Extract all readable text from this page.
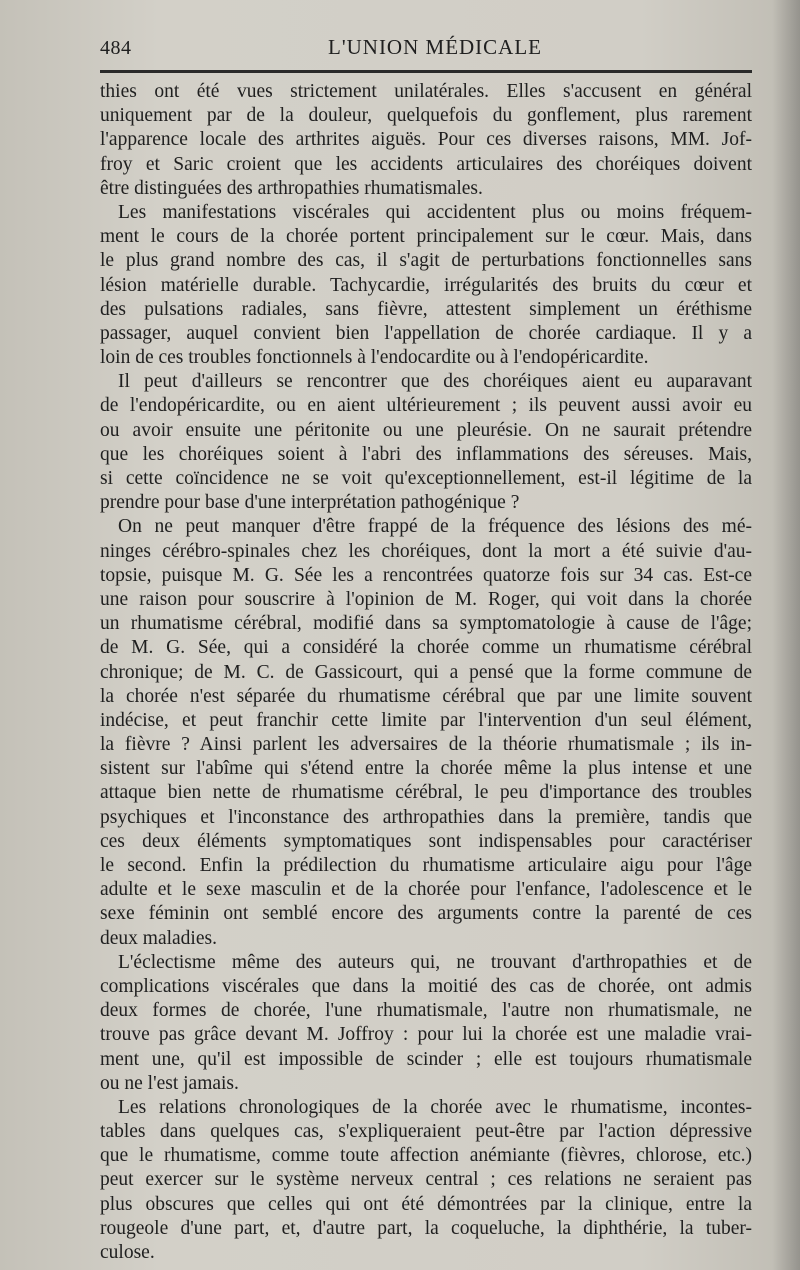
484	L'UNION MÉDICALE
thies ont été vues strictement unilatérales. Elles s'accusent en général
uniquement par de la douleur, quelquefois du gonflement, plus rarement
l'apparence locale des arthrites aiguës. Pour ces diverses raisons, MM. Jof-
froy et Saric croient que les accidents articulaires des choréiques doivent
être distinguées des arthropathies rhumatismales.
Les manifestations viscérales qui accidentent plus ou moins fréquem-
ment le cours de la chorée portent principalement sur le cœur. Mais, dans
le plus grand nombre des cas, il s'agit de perturbations fonctionnelles sans
lésion matérielle durable. Tachycardie, irrégularités des bruits du cœur et
des pulsations radiales, sans fièvre, attestent simplement un éréthisme
passager, auquel convient bien l'appellation de chorée cardiaque. Il y a
loin de ces troubles fonctionnels à l'endocardite ou à l'endopéricardite.
Il peut d'ailleurs se rencontrer que des choréiques aient eu auparavant
de l'endopéricardite, ou en aient ultérieurement ; ils peuvent aussi avoir eu
ou avoir ensuite une péritonite ou une pleurésie. On ne saurait prétendre
que les choréiques soient à l'abri des inflammations des séreuses. Mais,
si cette coïncidence ne se voit qu'exceptionnellement, est-il légitime de la
prendre pour base d'une interprétation pathogénique ?
On ne peut manquer d'être frappé de la fréquence des lésions des mé-
ninges cérébro-spinales chez les choréiques, dont la mort a été suivie d'au-
topsie, puisque M. G. Sée les a rencontrées quatorze fois sur 34 cas. Est-ce
une raison pour souscrire à l'opinion de M. Roger, qui voit dans la chorée
un rhumatisme cérébral, modifié dans sa symptomatologie à cause de l'âge;
de M. G. Sée, qui a considéré la chorée comme un rhumatisme cérébral
chronique; de M. C. de Gassicourt, qui a pensé que la forme commune de
la chorée n'est séparée du rhumatisme cérébral que par une limite souvent
indécise, et peut franchir cette limite par l'intervention d'un seul élément,
la fièvre ? Ainsi parlent les adversaires de la théorie rhumatismale ; ils in-
sistent sur l'abîme qui s'étend entre la chorée même la plus intense et une
attaque bien nette de rhumatisme cérébral, le peu d'importance des troubles
psychiques et l'inconstance des arthropathies dans la première, tandis que
ces deux éléments symptomatiques sont indispensables pour caractériser
le second. Enfin la prédilection du rhumatisme articulaire aigu pour l'âge
adulte et le sexe masculin et de la chorée pour l'enfance, l'adolescence et le
sexe féminin ont semblé encore des arguments contre la parenté de ces
deux maladies.
L'éclectisme même des auteurs qui, ne trouvant d'arthropathies et de
complications viscérales que dans la moitié des cas de chorée, ont admis
deux formes de chorée, l'une rhumatismale, l'autre non rhumatismale, ne
trouve pas grâce devant M. Joffroy : pour lui la chorée est une maladie vrai-
ment une, qu'il est impossible de scinder ; elle est toujours rhumatismale
ou ne l'est jamais.
Les relations chronologiques de la chorée avec le rhumatisme, incontes-
tables dans quelques cas, s'expliqueraient peut-être par l'action dépressive
que le rhumatisme, comme toute affection anémiante (fièvres, chlorose, etc.)
peut exercer sur le système nerveux central ; ces relations ne seraient pas
plus obscures que celles qui ont été démontrées par la clinique, entre la
rougeole d'une part, et, d'autre part, la coqueluche, la diphthérie, la tuber-
culose.
